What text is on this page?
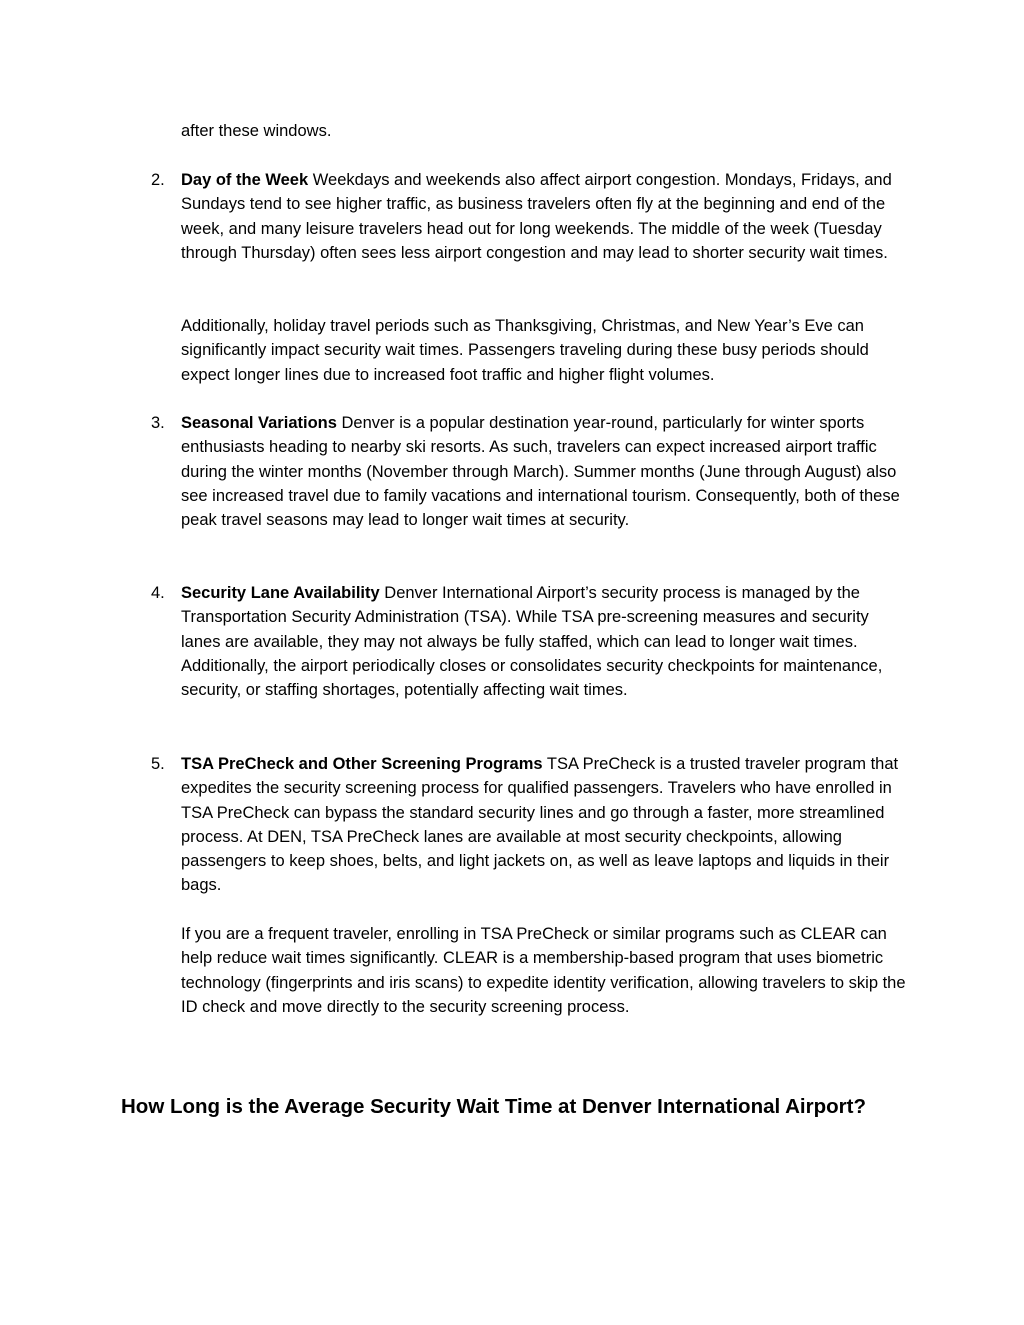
after these windows.

2. Day of the Week Weekdays and weekends also affect airport congestion. Mondays, Fridays, and Sundays tend to see higher traffic, as business travelers often fly at the beginning and end of the week, and many leisure travelers head out for long weekends. The middle of the week (Tuesday through Thursday) often sees less airport congestion and may lead to shorter security wait times.

Additionally, holiday travel periods such as Thanksgiving, Christmas, and New Year’s Eve can significantly impact security wait times. Passengers traveling during these busy periods should expect longer lines due to increased foot traffic and higher flight volumes.

3. Seasonal Variations Denver is a popular destination year-round, particularly for winter sports enthusiasts heading to nearby ski resorts. As such, travelers can expect increased airport traffic during the winter months (November through March). Summer months (June through August) also see increased travel due to family vacations and international tourism. Consequently, both of these peak travel seasons may lead to longer wait times at security.

4. Security Lane Availability Denver International Airport’s security process is managed by the Transportation Security Administration (TSA). While TSA pre-screening measures and security lanes are available, they may not always be fully staffed, which can lead to longer wait times. Additionally, the airport periodically closes or consolidates security checkpoints for maintenance, security, or staffing shortages, potentially affecting wait times.

5. TSA PreCheck and Other Screening Programs TSA PreCheck is a trusted traveler program that expedites the security screening process for qualified passengers. Travelers who have enrolled in TSA PreCheck can bypass the standard security lines and go through a faster, more streamlined process. At DEN, TSA PreCheck lanes are available at most security checkpoints, allowing passengers to keep shoes, belts, and light jackets on, as well as leave laptops and liquids in their bags.

If you are a frequent traveler, enrolling in TSA PreCheck or similar programs such as CLEAR can help reduce wait times significantly. CLEAR is a membership-based program that uses biometric technology (fingerprints and iris scans) to expedite identity verification, allowing travelers to skip the ID check and move directly to the security screening process.

How Long is the Average Security Wait Time at Denver International Airport?
